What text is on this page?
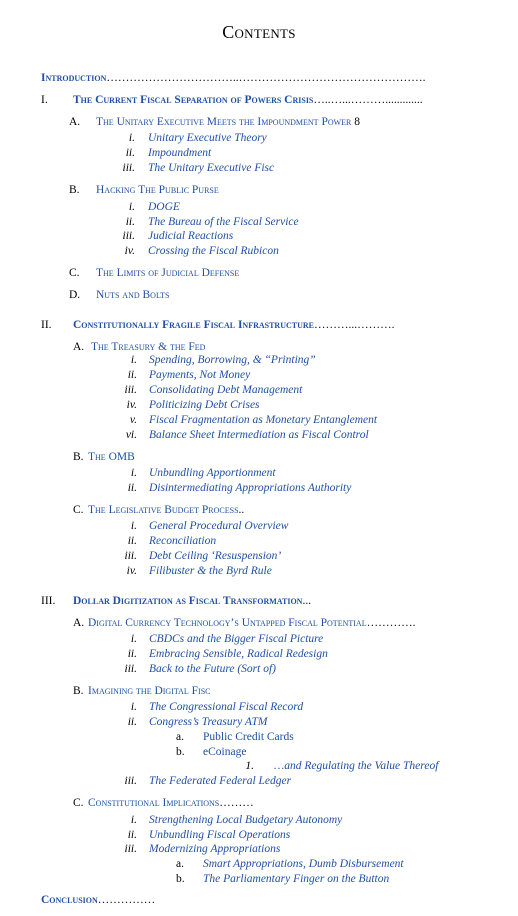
Contents
Introduction……………………………..………………………………………….
I. The Current Fiscal Separation of Powers Crisis…..…...……….............
A. The Unitary Executive Meets the Impoundment Power 8
i. Unitary Executive Theory
ii. Impoundment
iii. The Unitary Executive Fisc
B. Hacking The Public Purse
i. DOGE
ii. The Bureau of the Fiscal Service
iii. Judicial Reactions
iv. Crossing the Fiscal Rubicon
C. The Limits of Judicial Defense
D. Nuts and Bolts
II. Constitutionally Fragile Fiscal Infrastructure………...……….
A. The Treasury & the Fed
i. Spending, Borrowing, & “Printing”
ii. Payments, Not Money
iii. Consolidating Debt Management
iv. Politicizing Debt Crises
v. Fiscal Fragmentation as Monetary Entanglement
vi. Balance Sheet Intermediation as Fiscal Control
B. The OMB
i. Unbundling Apportionment
ii. Disintermediating Appropriations Authority
C. The Legislative Budget Process..
i. General Procedural Overview
ii. Reconciliation
iii. Debt Ceiling ‘Resuspension’
iv. Filibuster & the Byrd Rule
III. Dollar Digitization as Fiscal Transformation...
A. Digital Currency Technology’s Untapped Fiscal Potential………….
i. CBDCs and the Bigger Fiscal Picture
ii. Embracing Sensible, Radical Redesign
iii. Back to the Future (Sort of)
B. Imagining the Digital Fisc
i. The Congressional Fiscal Record
ii. Congress’s Treasury ATM
a. Public Credit Cards
b. eCoinage
1. …and Regulating the Value Thereof
iii. The Federated Federal Ledger
C. Constitutional Implications………
i. Strengthening Local Budgetary Autonomy
ii. Unbundling Fiscal Operations
iii. Modernizing Appropriations
a. Smart Appropriations, Dumb Disbursement
b. The Parliamentary Finger on the Button
Conclusion……………
